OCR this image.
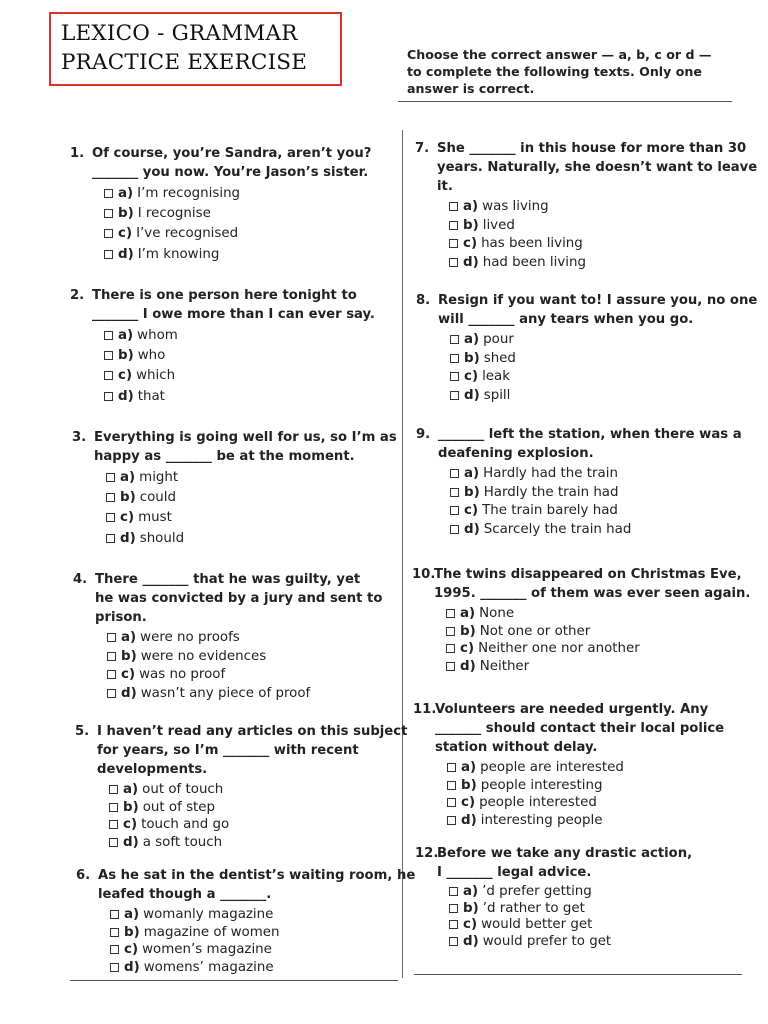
LEXICO - GRAMMAR
PRACTICE EXERCISE	Choose the correct answer — a, b, c or d —
to complete the following texts. Only one
answer is correct.
1. Of course, you’re Sandra, aren’t you?
_______ you now. You’re Jason’s sister.
a) I’m recognising
b) I recognise
c) I’ve recognised
d) I’m knowing
2. There is one person here tonight to
_______ I owe more than I can ever say.
a) whom
b) who
c) which
d) that
3. Everything is going well for us, so I’m as
happy as _______ be at the moment.
a) might
b) could
c) must
d) should
4. There _______ that he was guilty, yet
he was convicted by a jury and sent to
prison.
a) were no proofs
b) were no evidences
c) was no proof
d) wasn’t any piece of proof
5. I haven’t read any articles on this subject
for years, so I’m _______ with recent
developments.
a) out of touch
b) out of step
c) touch and go
d) a soft touch
6. As he sat in the dentist’s waiting room, he
leafed though a _______.
a) womanly magazine
b) magazine of women
c) women’s magazine
d) womens’ magazine
7. She _______ in this house for more than 30
years. Naturally, she doesn’t want to leave
it.
a) was living
b) lived
c) has been living
d) had been living
8. Resign if you want to! I assure you, no one
will _______ any tears when you go.
a) pour
b) shed
c) leak
d) spill
9. _______ left the station, when there was a
deafening explosion.
a) Hardly had the train
b) Hardly the train had
c) The train barely had
d) Scarcely the train had
10.
The twins disappeared on Christmas Eve,
1995. _______ of them was ever seen again.
a) None
b) Not one or other
c) Neither one nor another
d) Neither
11.
Volunteers are needed urgently. Any
_______ should contact their local police
station without delay.
a) people are interested
b) people interesting
c) people interested
d) interesting people
12.
Before we take any drastic action,
I _______ legal advice.
a) ’d prefer getting
b) ’d rather to get
c) would better get
d) would prefer to get
